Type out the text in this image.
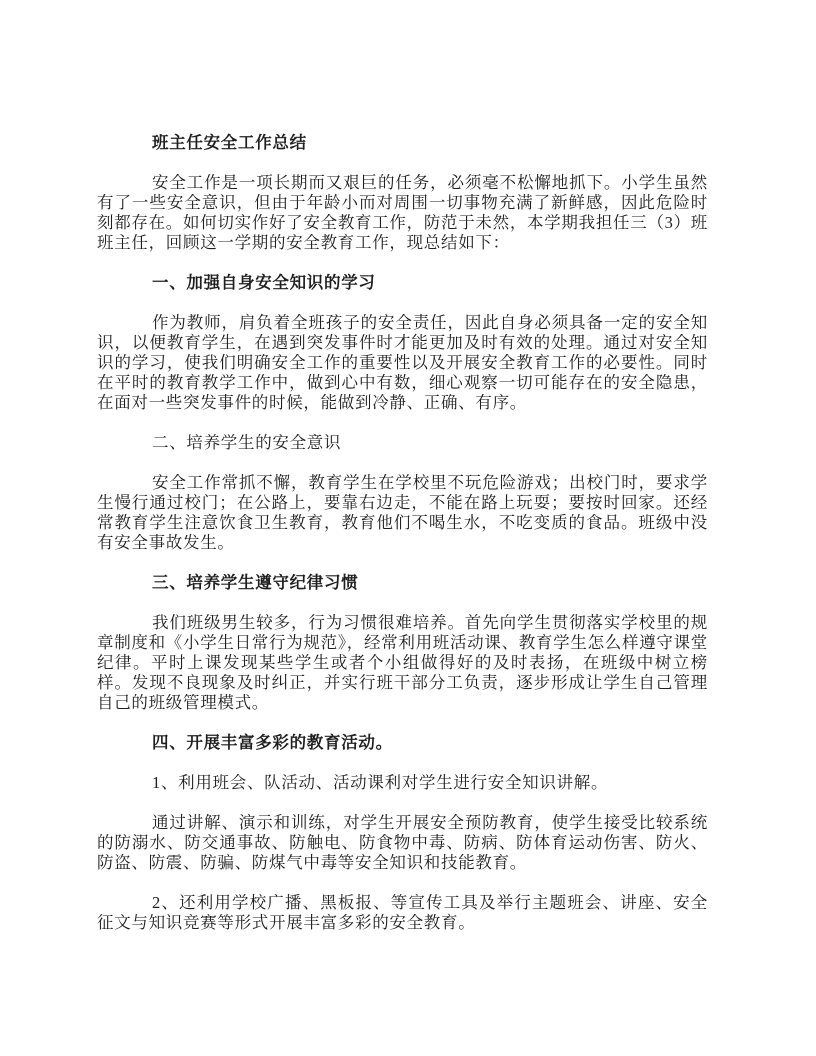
班主任安全工作总结

安全工作是一项长期而又艰巨的任务，必须毫不松懈地抓下。小学生虽然有了一些安全意识，但由于年龄小而对周围一切事物充满了新鲜感，因此危险时刻都存在。如何切实作好了安全教育工作，防范于未然，本学期我担任三（3）班班主任，回顾这一学期的安全教育工作，现总结如下：

一、加强自身安全知识的学习

作为教师，肩负着全班孩子的安全责任，因此自身必须具备一定的安全知识，以便教育学生，在遇到突发事件时才能更加及时有效的处理。通过对安全知识的学习，使我们明确安全工作的重要性以及开展安全教育工作的必要性。同时在平时的教育教学工作中，做到心中有数，细心观察一切可能存在的安全隐患，在面对一些突发事件的时候，能做到冷静、正确、有序。

二、培养学生的安全意识

安全工作常抓不懈，教育学生在学校里不玩危险游戏；出校门时，要求学生慢行通过校门；在公路上，要靠右边走，不能在路上玩耍；要按时回家。还经常教育学生注意饮食卫生教育，教育他们不喝生水，不吃变质的食品。班级中没有安全事故发生。

三、培养学生遵守纪律习惯

我们班级男生较多，行为习惯很难培养。首先向学生贯彻落实学校里的规章制度和《小学生日常行为规范》，经常利用班活动课、教育学生怎么样遵守课堂纪律。平时上课发现某些学生或者个小组做得好的及时表扬，在班级中树立榜样。发现不良现象及时纠正，并实行班干部分工负责，逐步形成让学生自己管理自己的班级管理模式。

四、开展丰富多彩的教育活动。

1、利用班会、队活动、活动课利对学生进行安全知识讲解。

通过讲解、演示和训练，对学生开展安全预防教育，使学生接受比较系统的防溺水、防交通事故、防触电、防食物中毒、防病、防体育运动伤害、防火、防盗、防震、防骗、防煤气中毒等安全知识和技能教育。

2、还利用学校广播、黑板报、等宣传工具及举行主题班会、讲座、安全征文与知识竞赛等形式开展丰富多彩的安全教育。
